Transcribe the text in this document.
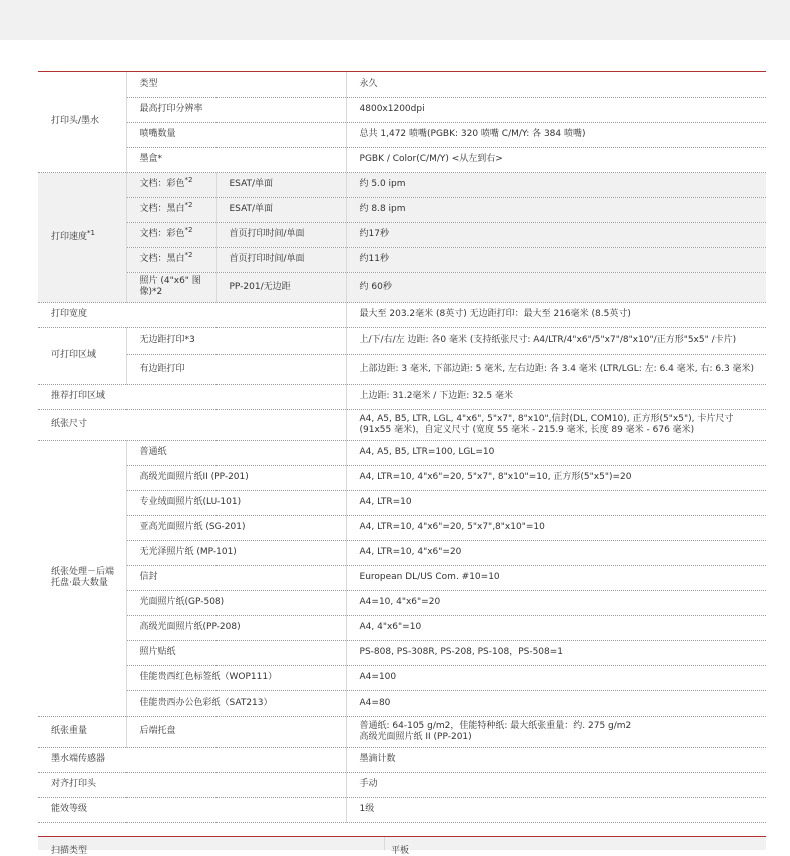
打印头/墨水	类型		永久
	最高打印分辨率		4800x1200dpi
	喷嘴数量		总共 1,472 喷嘴(PGBK: 320 喷嘴 C/M/Y: 各 384 喷嘴)
	墨盒*		PGBK / Color(C/M/Y) <从左到右>
打印速度$^{*1}$	文档：彩色$^{*2}$	ESAT/单面	约 5.0 ipm
	文档：黑白$^{*2}$	ESAT/单面	约 8.8 ipm
	文档：彩色$^{*2}$	首页打印时间/单面	约17秒
	文档：黑白$^{*2}$	首页打印时间/单面	约11秒
	照片 (4"x6" 图像)*2	PP-201/无边距	约 60秒
打印宽度			最大至 203.2毫米 (8英寸) 无边距打印：最大至 216毫米 (8.5英寸)
可打印区域	无边距打印*3		上/下/右/左 边距: 各0 毫米 (支持纸张尺寸: A4/LTR/4"x6"/5"x7"/8"x10"/正方形"5x5" /卡片)
	有边距打印		上部边距: 3 毫米, 下部边距: 5 毫米, 左右边距: 各 3.4 毫米 (LTR/LGL: 左: 6.4 毫米, 右: 6.3 毫米)
推荐打印区域			上边距: 31.2毫米 / 下边距: 32.5 毫米
纸张尺寸			A4, A5, B5, LTR, LGL, 4"x6", 5"x7", 8"x10",信封(DL, COM10), 正方形(5"x5"), 卡片尺寸 (91x55 毫米)，自定义尺寸 (宽度 55 毫米 - 215.9 毫米, 长度 89 毫米 - 676 毫米)
纸张处理－后端托盘·最大数量	普通纸		A4, A5, B5, LTR=100, LGL=10
	高级光面照片纸II (PP-201)		A4, LTR=10, 4"x6"=20, 5"x7", 8"x10"=10, 正方形(5"x5")=20
	专业绒面照片纸(LU-101)		A4, LTR=10
	亚高光面照片纸 (SG-201)		A4, LTR=10, 4"x6"=20, 5"x7",8"x10"=10
	无光泽照片纸 (MP-101)		A4, LTR=10, 4"x6"=20
	信封		European DL/US Com. #10=10
	光面照片纸(GP-508)		A4=10, 4"x6"=20
	高级光面照片纸(PP-208)		A4, 4"x6"=10
	照片贴纸		PS-808, PS-308R, PS-208, PS-108，PS-508=1
	佳能贵西红色标签纸（WOP111）		A4=100
	佳能贵西办公色彩纸（SAT213）		A4=80
纸张重量	后端托盘		普通纸: 64-105 g/m2，佳能特种纸: 最大纸张重量：约. 275 g/m2
高级光面照片纸 II (PP-201)

墨水端传感器			墨滴计数
对齐打印头			手动
能效等级			1级
扫描类型	平板
